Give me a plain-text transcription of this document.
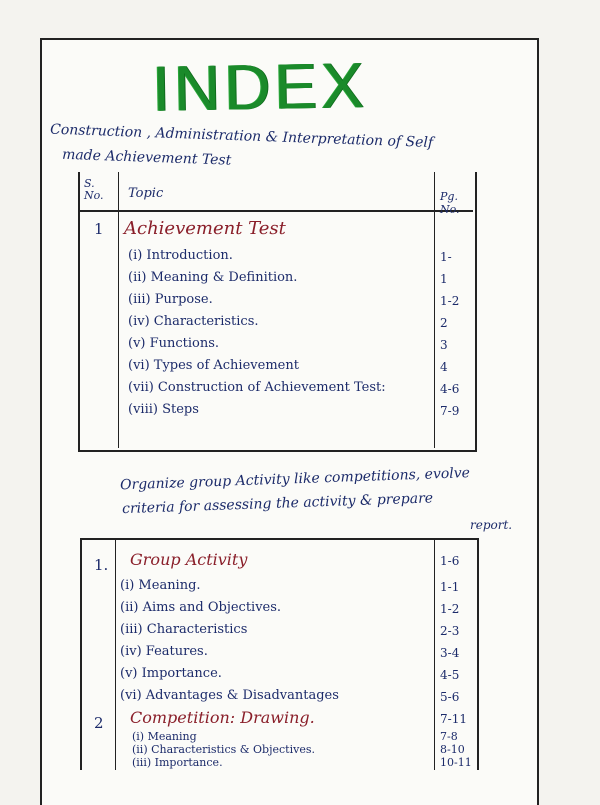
INDEX
Construction , Administration & Interpretation of Self
made Achievement Test
S. No.	Topic	Pg. No.
1 Achievement Test
(i) Introduction.	1-
(ii) Meaning & Definition.	1
(iii) Purpose.	1-2
(iv) Characteristics.	2
(v) Functions.	3
(vi) Types of Achievement	4
(vii) Construction of Achievement Test:	4-6
(viii) Steps	7-9
Organize group Activity like competitions, evolve
criteria for assessing the activity & prepare
report.
1. Group Activity	1-6
(i) Meaning.	1-1
(ii) Aims and Objectives.	1-2
(iii) Characteristics	2-3
(iv) Features.	3-4
(v) Importance.	4-5
(vi) Advantages & Disadvantages	5-6
2 Competition: Drawing.	7-11
(i) Meaning	7-8
(ii) Characteristics & Objectives.	8-10
(iii) Importance.	10-11
